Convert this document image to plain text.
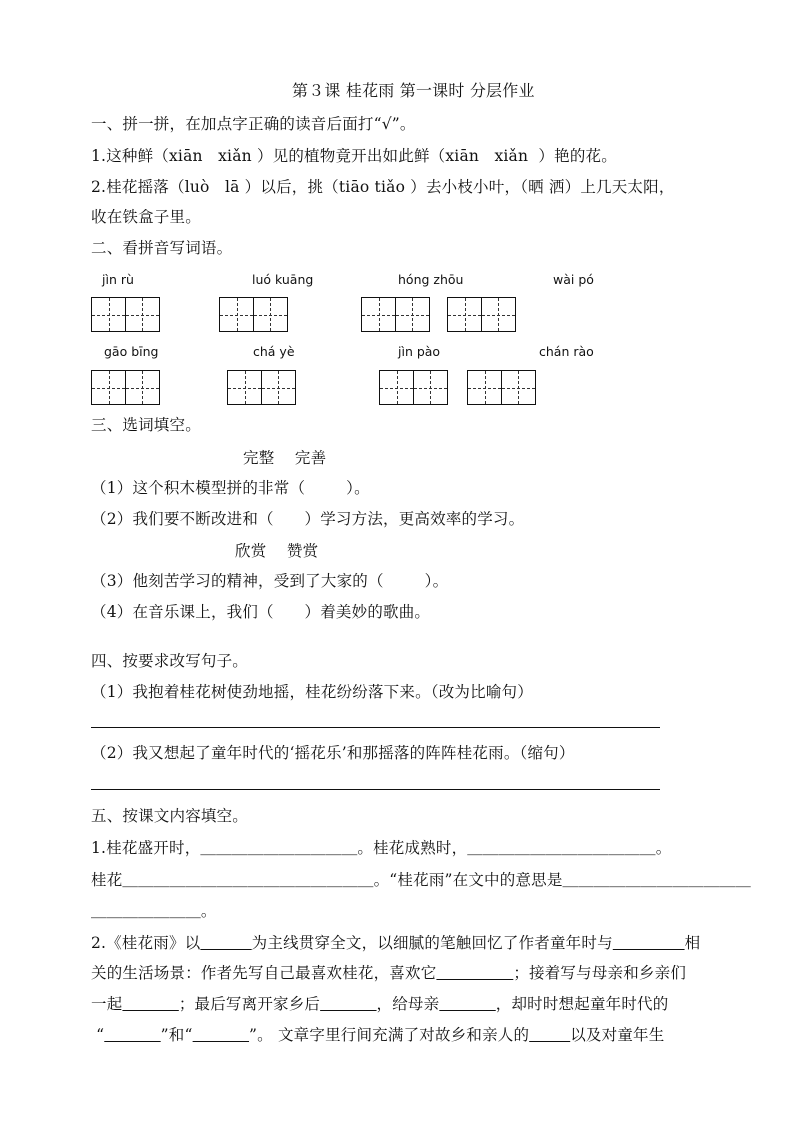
第３课 桂花雨 第一课时 分层作业
一、拼一拼，在加点字正确的读音后面打“√”。
1.这种鲜（xiān   xiǎn ）见的植物竟开出如此鲜（xiān   xiǎn  ）艳的花。
2.桂花摇落（luò   lā ）以后，挑（tiāo tiǎo ）去小枝小叶，（晒 洒）上几天太阳，
收在铁盒子里。
二、看拼音写词语。
jìn rù	luó kuāng	hóng zhōu	wài pó
gāo bīng	chá yè	jìn pào	chán rào
三、选词填空。
完整    完善
（1）这个积木模型拼的非常（        ）。
（2）我们要不断改进和（      ）学习方法，更高效率的学习。
欣赏    赞赏
（3）他刻苦学习的精神，受到了大家的（        ）。
（4）在音乐课上，我们（      ）着美妙的歌曲。
四、按要求改写句子。
（1）我抱着桂花树使劲地摇，桂花纷纷落下来。（改为比喻句）
（2）我又想起了童年时代的‘摇花乐’和那摇落的阵阵桂花雨。（缩句）
五、按课文内容填空。
1.桂花盛开时，＿＿＿＿＿＿＿＿＿＿。桂花成熟时，＿＿＿＿＿＿＿＿＿＿＿＿。
桂花＿＿＿＿＿＿＿＿＿＿＿＿＿＿＿＿。“桂花雨”在文中的意思是＿＿＿＿＿＿＿＿＿＿＿＿
＿＿＿＿＿＿＿。
2.《桂花雨》以	为主线贯穿全文，以细腻的笔触回忆了作者童年时与	相
关的生活场景：作者先写自己最喜欢桂花，喜欢它	；接着写与母亲和乡亲们
一起	；最后写离开家乡后	，给母亲	，却时时想起童年时代的
“	”和“	”。 文章字里行间充满了对故乡和亲人的	以及对童年生
